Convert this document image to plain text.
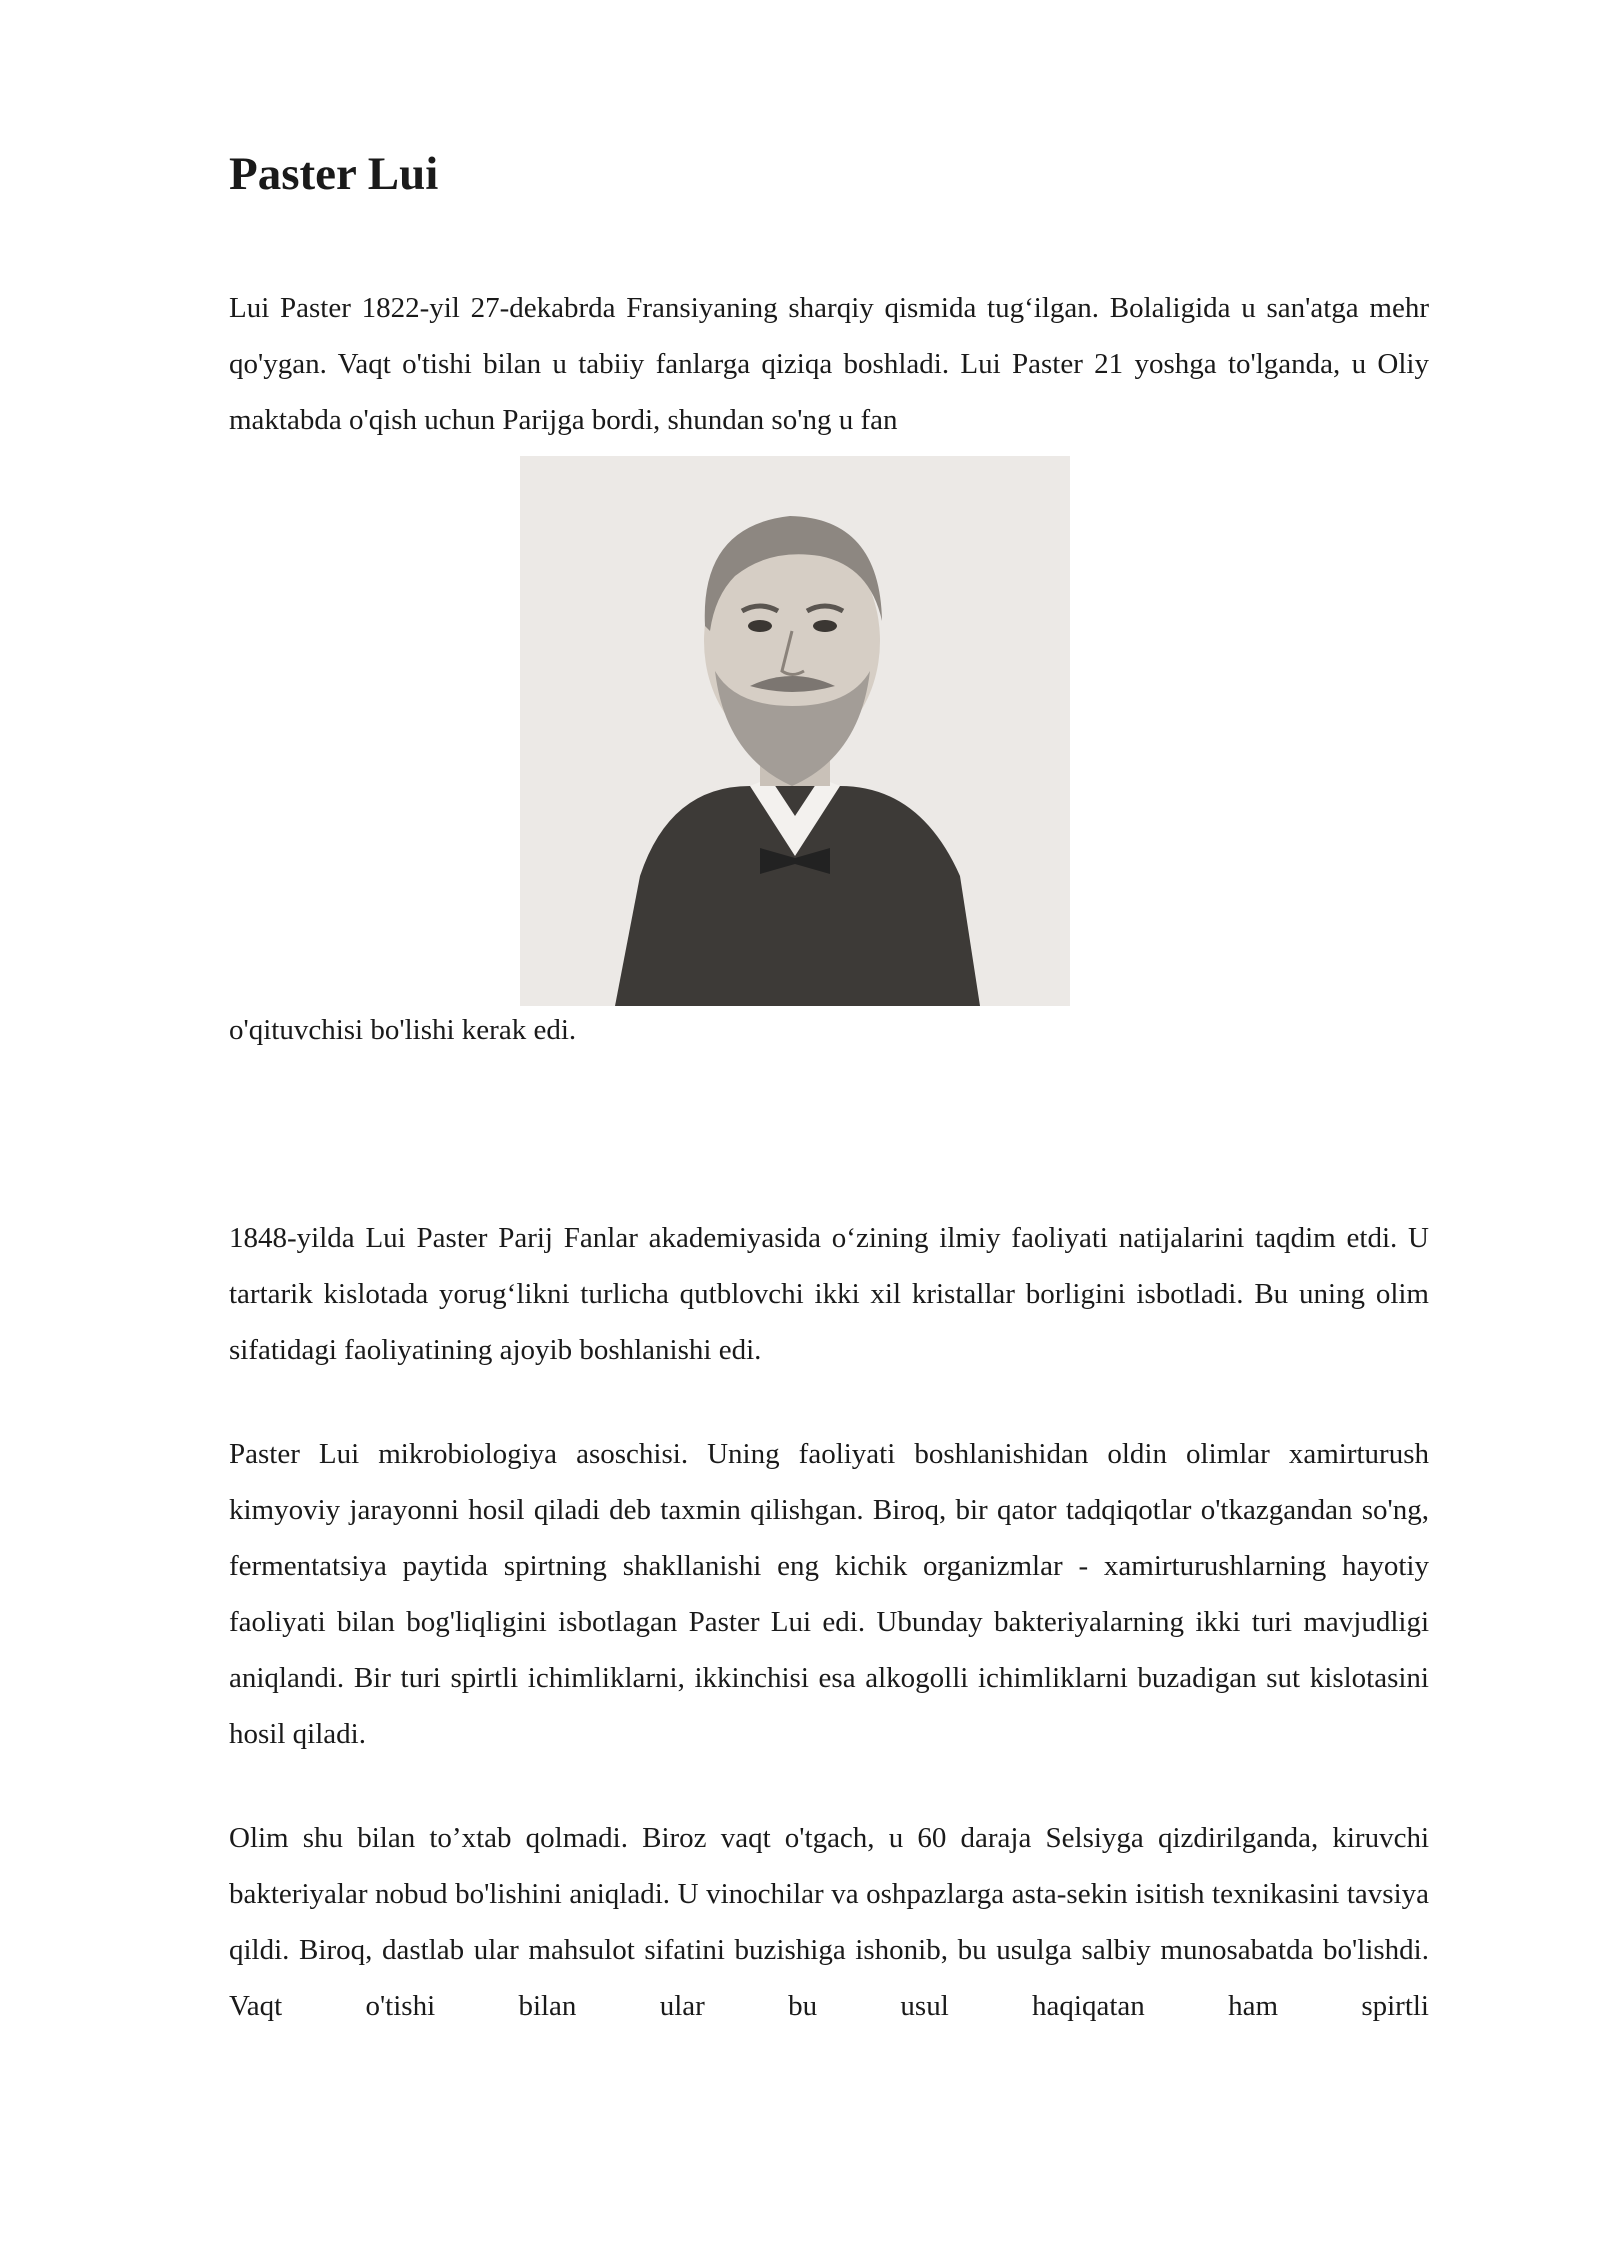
Paster Lui

Lui Paster 1822-yil 27-dekabrda Fransiyaning sharqiy qismida tug‘ilgan. Bolaligida u san'atga mehr qo'ygan. Vaqt o'tishi bilan u tabiiy fanlarga qiziqa boshladi. Lui Paster 21 yoshga to'lganda, u Oliy maktabda o'qish uchun Parijga bordi, shundan so'ng u fan

o'qituvchisi bo'lishi kerak edi.

1848-yilda Lui Paster Parij Fanlar akademiyasida o‘zining ilmiy faoliyati natijalarini taqdim etdi. U tartarik kislotada yorug‘likni turlicha qutblovchi ikki xil kristallar borligini isbotladi. Bu uning olim sifatidagi faoliyatining ajoyib boshlanishi edi.

Paster Lui mikrobiologiya asoschisi. Uning faoliyati boshlanishidan oldin olimlar xamirturush kimyoviy jarayonni hosil qiladi deb taxmin qilishgan. Biroq, bir qator tadqiqotlar o'tkazgandan so'ng, fermentatsiya paytida spirtning shakllanishi eng kichik organizmlar - xamirturushlarning hayotiy faoliyati bilan bog'liqligini isbotlagan Paster Lui edi. Ubunday bakteriyalarning ikki turi mavjudligi aniqlandi. Bir turi spirtli ichimliklarni, ikkinchisi esa alkogolli ichimliklarni buzadigan sut kislotasini hosil qiladi.

Olim shu bilan to’xtab qolmadi. Biroz vaqt o'tgach, u 60 daraja Selsiyga qizdirilganda, kiruvchi bakteriyalar nobud bo'lishini aniqladi. U vinochilar va oshpazlarga asta-sekin isitish texnikasini tavsiya qildi. Biroq, dastlab ular mahsulot sifatini buzishiga ishonib, bu usulga salbiy munosabatda bo'lishdi. Vaqt o'tishi bilan ular bu usul haqiqatan ham spirtli
